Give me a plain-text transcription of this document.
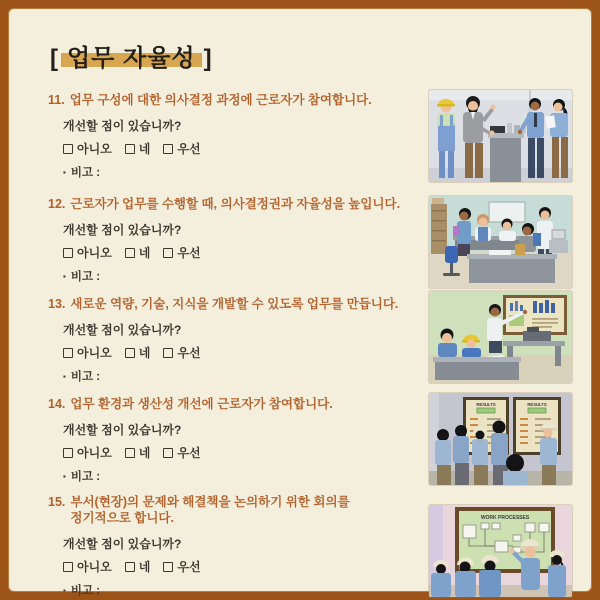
[ 업무 자율성 ]
11. 업무 구성에 대한 의사결정 과정에 근로자가 참여합니다.

개선할 점이 있습니까?

아니오 네 우선

▪ 비고 :

12. 근로자가 업무를 수행할 때, 의사결정권과 자율성을 높입니다.

개선할 점이 있습니까?

아니오 네 우선

▪ 비고 :

13. 새로운 역량, 기술, 지식을 개발할 수 있도록 업무를 만듭니다.

개선할 점이 있습니까?

아니오 네 우선

▪ 비고 :

14. 업무 환경과 생산성 개선에 근로자가 참여합니다.

개선할 점이 있습니까?

아니오 네 우선

▪ 비고 :

15. 부서(현장)의 문제와 해결책을 논의하기 위한 회의를
정기적으로 합니다.

개선할 점이 있습니까?

아니오 네 우선

▪ 비고 :

RESULTS	RESULTS
WORK PROCESSES
